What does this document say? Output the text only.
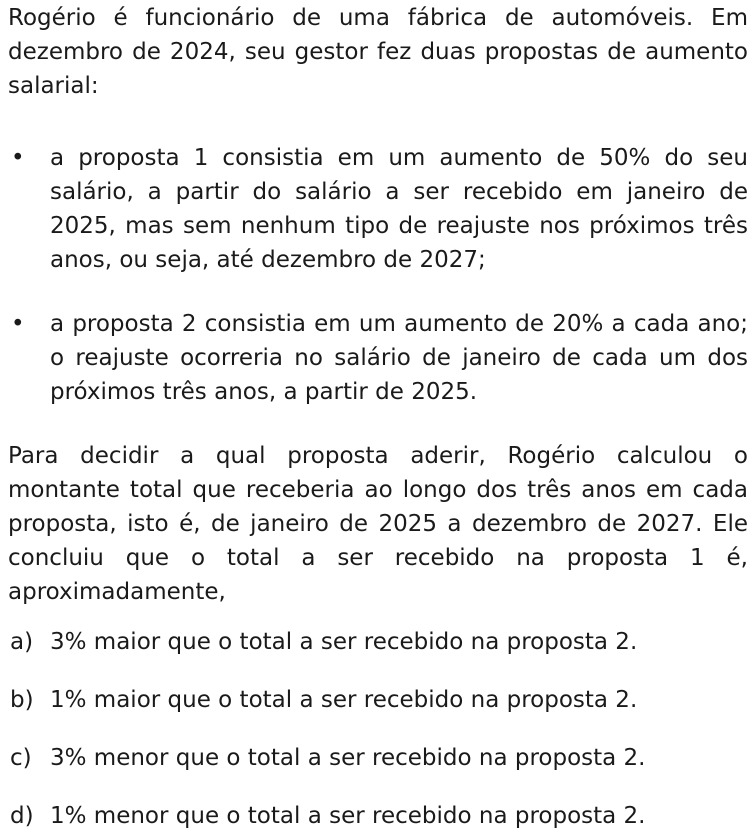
Rogério é funcionário de uma fábrica de automóveis. Em dezembro de 2024, seu gestor fez duas propostas de aumento salarial:

• a proposta 1 consistia em um aumento de 50% do seu salário, a partir do salário a ser recebido em janeiro de 2025, mas sem nenhum tipo de reajuste nos próximos três anos, ou seja, até dezembro de 2027;

• a proposta 2 consistia em um aumento de 20% a cada ano; o reajuste ocorreria no salário de janeiro de cada um dos próximos três anos, a partir de 2025.

Para decidir a qual proposta aderir, Rogério calculou o montante total que receberia ao longo dos três anos em cada proposta, isto é, de janeiro de 2025 a dezembro de 2027. Ele concluiu que o total a ser recebido na proposta 1 é, aproximadamente,

a) 3% maior que o total a ser recebido na proposta 2.
b) 1% maior que o total a ser recebido na proposta 2.
c) 3% menor que o total a ser recebido na proposta 2.
d) 1% menor que o total a ser recebido na proposta 2.
